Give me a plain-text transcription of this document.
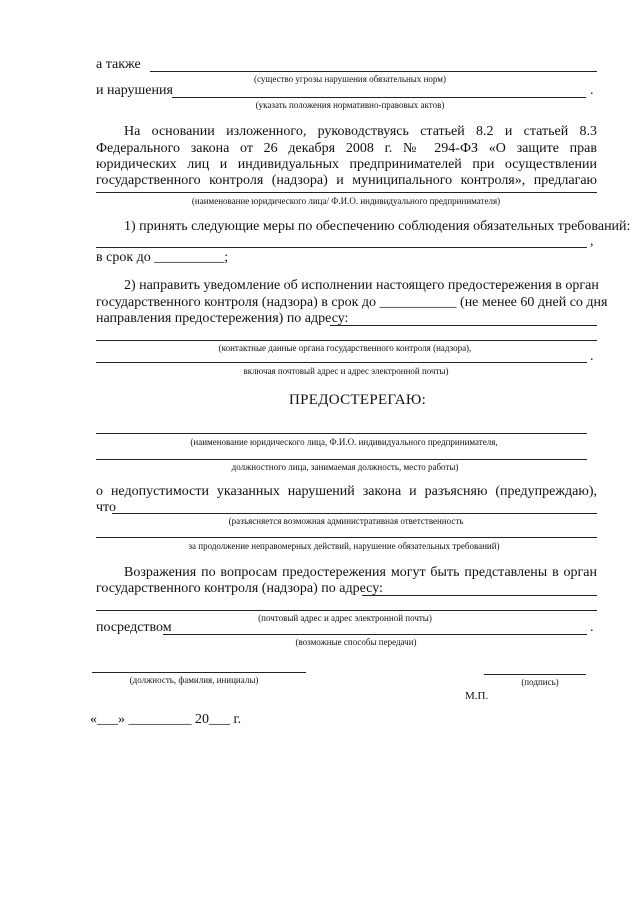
а также
(существо угрозы нарушения обязательных норм)
и нарушения	.
(указать положения нормативно-правовых актов)
На основании изложенного, руководствуясь статьей 8.2 и статьей 8.3
Федерального закона от 26 декабря 2008 г. № 294-ФЗ «О защите прав
юридических лиц и индивидуальных предпринимателей при осуществлении
государственного контроля (надзора) и муниципального контроля», предлагаю
(наименование юридического лица/ Ф.И.О. индивидуального предпринимателя)
1) принять следующие меры по обеспечению соблюдения обязательных требований:
,
в срок до __________;
2) направить уведомление об исполнении настоящего предостережения в орган
государственного контроля (надзора) в срок до ___________ (не менее 60 дней со дня
направления предостережения) по адресу:
(контактные данные органа государственного контроля (надзора),
.
включая почтовый адрес и адрес электронной почты)
ПРЕДОСТЕРЕГАЮ:
(наименование юридического лица, Ф.И.О. индивидуального предпринимателя,
должностного лица, занимаемая должность, место работы)
о недопустимости указанных нарушений закона и разъясняю (предупреждаю),
что
(разъясняется возможная административная ответственность
за продолжение неправомерных действий, нарушение обязательных требований)
Возражения по вопросам предостережения могут быть представлены в орган
государственного контроля (надзора) по адресу:
(почтовый адрес и адрес электронной почты)
посредством	.
(возможные способы передачи)
(должность, фамилия, инициалы)	(подпись)
М.П.
«___» _________ 20___ г.
